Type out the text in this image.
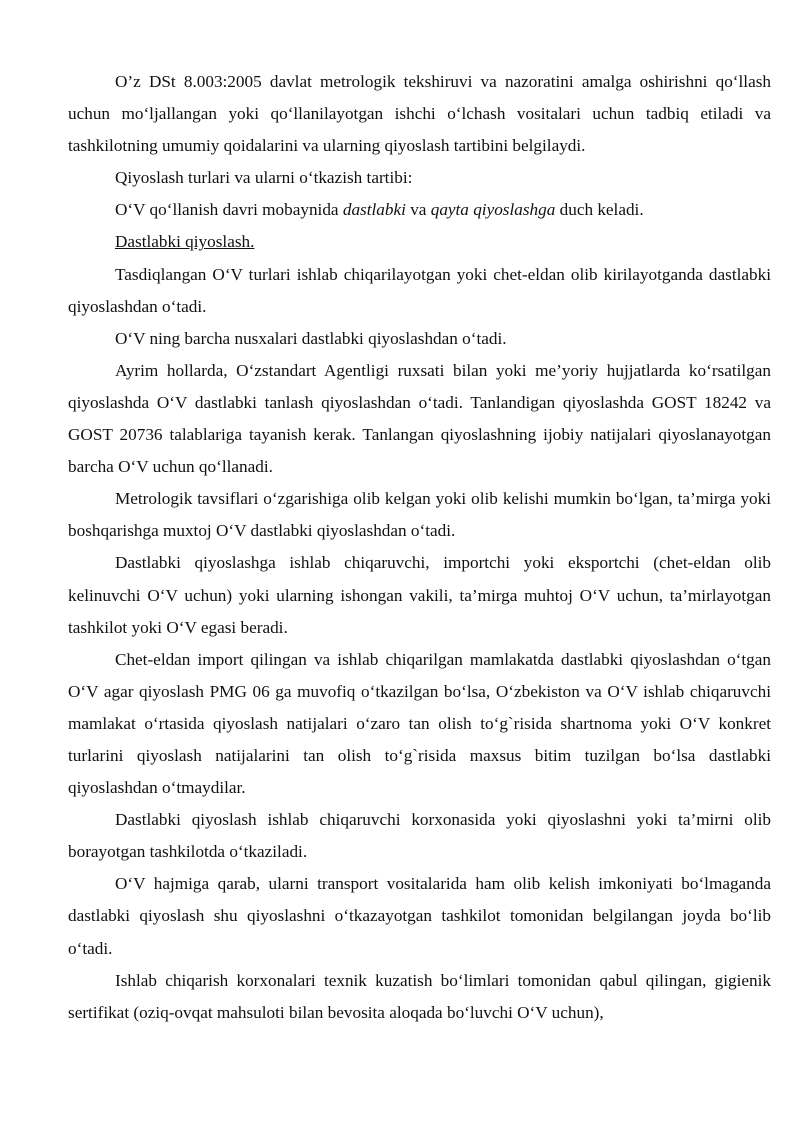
O’z DSt 8.003:2005 davlat metrologik tekshiruvi va nazoratini amalga oshirishni qo‘llash uchun mo‘ljallangan yoki qo‘llanilayotgan ishchi o‘lchash vositalari uchun tadbiq etiladi va tashkilotning umumiy qoidalarini va ularning qiyoslash tartibini belgilaydi.

Qiyoslash turlari va ularni o‘tkazish tartibi:

O‘V qo‘llanish davri mobaynida dastlabki va qayta qiyoslashga duch keladi.

Dastlabki qiyoslash.

Tasdiqlangan O‘V turlari ishlab chiqarilayotgan yoki chet-eldan olib kirilayotganda dastlabki qiyoslashdan o‘tadi.

O‘V ning barcha nusxalari dastlabki qiyoslashdan o‘tadi.

Ayrim hollarda, O‘zstandart Agentligi ruxsati bilan yoki me’yoriy hujjatlarda ko‘rsatilgan qiyoslashda O‘V dastlabki tanlash qiyoslashdan o‘tadi. Tanlandigan qiyoslashda GOST 18242 va GOST 20736 talablariga tayanish kerak. Tanlangan qiyoslashning ijobiy natijalari qiyoslanayotgan barcha O‘V uchun qo‘llanadi.

Metrologik tavsiflari o‘zgarishiga olib kelgan yoki olib kelishi mumkin bo‘lgan, ta’mirga yoki boshqarishga muxtoj O‘V dastlabki qiyoslashdan o‘tadi.

Dastlabki qiyoslashga ishlab chiqaruvchi, importchi yoki eksportchi (chet-eldan olib kelinuvchi O‘V uchun) yoki ularning ishongan vakili, ta’mirga muhtoj O‘V uchun, ta’mirlayotgan tashkilot yoki O‘V egasi beradi.

Chet-eldan import qilingan va ishlab chiqarilgan mamlakatda dastlabki qiyoslashdan o‘tgan O‘V agar qiyoslash PMG 06 ga muvofiq o‘tkazilgan bo‘lsa, O‘zbekiston va O‘V ishlab chiqaruvchi mamlakat o‘rtasida qiyoslash natijalari o‘zaro tan olish to‘g`risida shartnoma yoki O‘V konkret turlarini qiyoslash natijalarini tan olish to‘g`risida maxsus bitim tuzilgan bo‘lsa dastlabki qiyoslashdan o‘tmaydilar.

Dastlabki qiyoslash ishlab chiqaruvchi korxonasida yoki qiyoslashni yoki ta’mirni olib borayotgan tashkilotda o‘tkaziladi.

O‘V hajmiga qarab, ularni transport vositalarida ham olib kelish imkoniyati bo‘lmaganda dastlabki qiyoslash shu qiyoslashni o‘tkazayotgan tashkilot tomonidan belgilangan joyda bo‘lib o‘tadi.

Ishlab chiqarish korxonalari texnik kuzatish bo‘limlari tomonidan qabul qilingan, gigienik sertifikat (oziq-ovqat mahsuloti bilan bevosita aloqada bo‘luvchi O‘V uchun),
